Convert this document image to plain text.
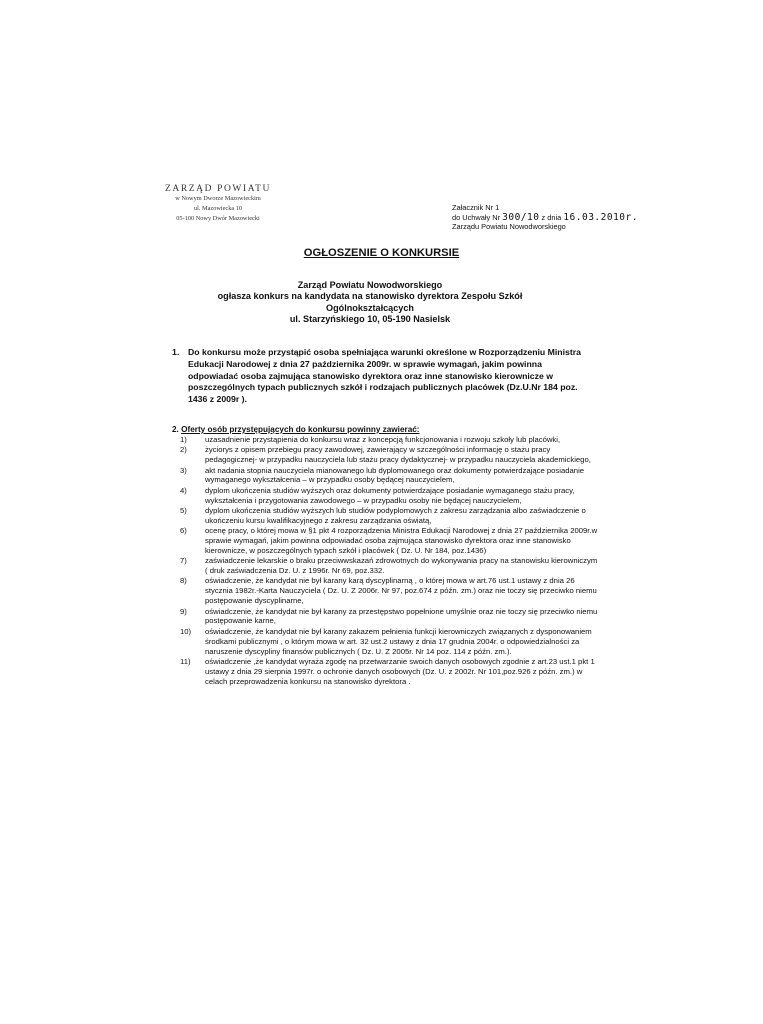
ZARZĄD POWIATU
w Nowym Dworze Mazowieckim
ul. Mazowiecka 10
05-100 Nowy Dwór Mazowiecki
Załacznik Nr 1
do Uchwały Nr 300/10 z dnia 16.03.2010r.
Zarządu Powiatu Nowodworskiego
OGŁOSZENIE O KONKURSIE
Zarząd Powiatu Nowodworskiego
ogłasza konkurs na kandydata na stanowisko dyrektora Zespołu Szkół
Ogólnokształcących
ul. Starzyńskiego 10, 05-190 Nasielsk
1. Do konkursu może przystąpić osoba spełniająca warunki określone w Rozporządzeniu Ministra Edukacji Narodowej z dnia 27 października 2009r. w sprawie wymagań, jakim powinna odpowiadać osoba zajmująca stanowisko dyrektora oraz inne stanowisko kierownicze w poszczególnych typach publicznych szkół i rodzajach publicznych placówek (Dz.U.Nr 184 poz. 1436 z 2009r ).
2. Oferty osób przystępujących do konkursu powinny zawierać:
1) uzasadnienie przystąpienia do konkursu wraz z koncepcją funkcjonowania i rozwoju szkoły lub placówki,
2) życiorys z opisem przebiegu pracy zawodowej, zawierający w szczególności informację o stażu pracy pedagogicznej- w przypadku nauczyciela lub stażu pracy dydaktycznej- w przypadku nauczyciela akademickiego,
3) akt nadania stopnia nauczyciela mianowanego lub dyplomowanego oraz dokumenty potwierdzające posiadanie wymaganego wykształcenia – w przypadku osoby będącej nauczycielem,
4) dyplom ukończenia studiów wyższych oraz dokumenty potwierdzające posiadanie wymaganego stażu pracy, wykształcenia i przygotowania zawodowego – w przypadku osoby nie będącej nauczycielem,
5) dyplom ukończenia studiów wyższych lub studiów podyplomowych z zakresu zarządzania albo zaświadczenie o ukończeniu kursu kwalifikacyjnego z zakresu zarządzania oświatą,
6) ocenę pracy, o której mowa w §1 pkt 4 rozporządzenia Ministra Edukacji Narodowej z dnia 27 października 2009r.w sprawie wymagań, jakim powinna odpowiadać osoba zajmująca stanowisko dyrektora oraz inne stanowisko kierownicze, w poszczególnych typach szkół i placówek ( Dz. U. Nr 184, poz.1436)
7) zaświadczenie lekarskie o braku przeciwwskazań zdrowotnych do wykonywania pracy na stanowisku kierowniczym ( druk zaświadczenia Dz. U. z 1996r. Nr 69, poz.332.
8) oświadczenie, że kandydat nie był karany karą dyscyplinarną , o której mowa w art.76 ust.1 ustawy z dnia 26 stycznia 1982r.-Karta Nauczyciela ( Dz. U. Z 2006r. Nr 97, poz.674 z późn. zm.) oraz nie toczy się przeciwko niemu postępowanie dyscyplinarne,
9) oświadczenie, że kandydat nie był karany za przestępstwo popełnione umyślnie oraz nie toczy się przeciwko niemu postępowanie karne,
10) oświadczenie, że kandydat nie był karany zakazem pełnienia funkcji kierowniczych związanych z dysponowaniem środkami publicznymi , o którym mowa w art. 32 ust.2 ustawy z dnia 17 grudnia 2004r. o odpowiedzialności za naruszenie dyscypliny finansów publicznych ( Dz. U. Z 2005r. Nr 14 poz. 114 z późn. zm.).
11) oświadczenie ,że kandydat wyraża zgodę na przetwarzanie swoich danych osobowych zgodnie z art.23 ust.1 pkt 1 ustawy z dnia 29 sierpnia 1997r. o ochronie danych osobowych (Dz. U. z 2002r. Nr 101,poz.926 z późn. zm.) w celach przeprowadzenia konkursu na stanowisko dyrektora .
